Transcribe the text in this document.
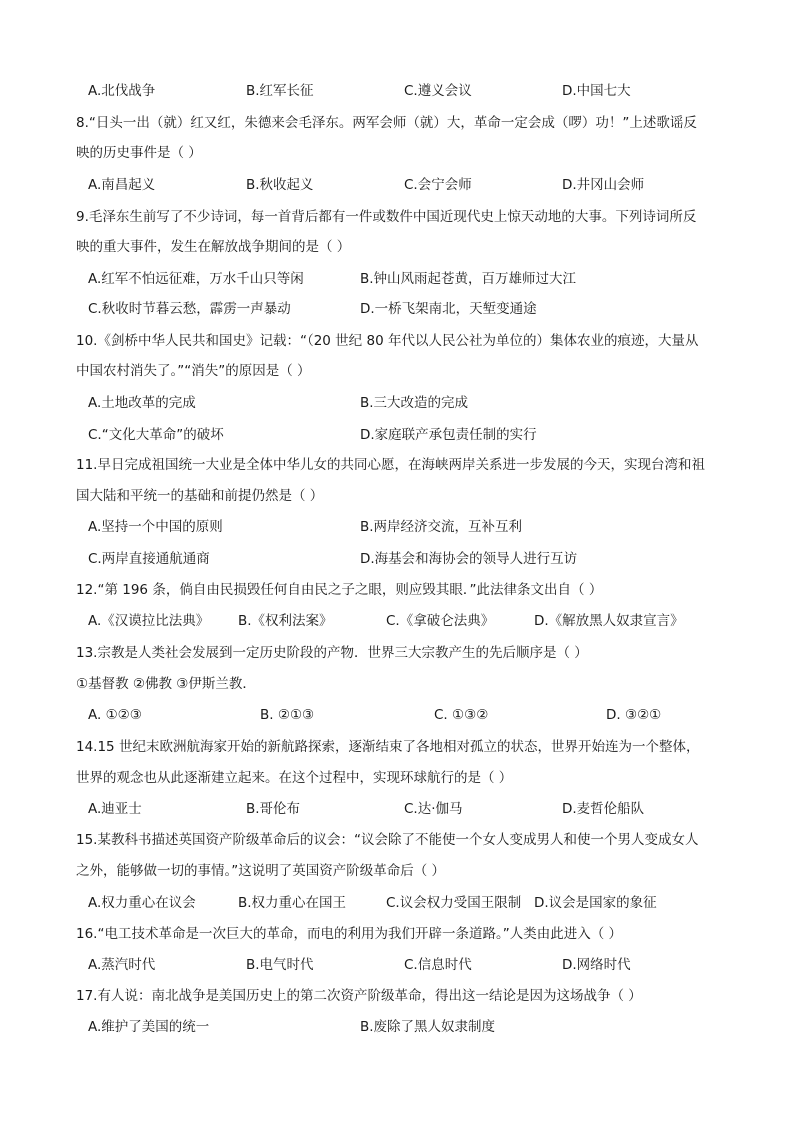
A.北伐战争	B.红军长征	C.遵义会议	D.中国七大
8.“日头一出（就）红又红，朱德来会毛泽东。两军会师（就）大，革命一定会成（啰）功！”上述歌谣反
映的历史事件是（ ）
A.南昌起义	B.秋收起义	C.会宁会师	D.井冈山会师
9.毛泽东生前写了不少诗词，每一首背后都有一件或数件中国近现代史上惊天动地的大事。下列诗词所反
映的重大事件，发生在解放战争期间的是（ ）
A.红军不怕远征难，万水千山只等闲	B.钟山风雨起苍黄，百万雄师过大江
C.秋收时节暮云愁，霹雳一声暴动	D.一桥飞架南北，天堑变通途
10.《剑桥中华人民共和国史》记载：“（20 世纪 80 年代以人民公社为单位的）集体农业的痕迹，大量从
中国农村消失了。”“消失”的原因是（ ）
A.土地改革的完成	B.三大改造的完成
C.“文化大革命”的破坏	D.家庭联产承包责任制的实行
11.早日完成祖国统一大业是全体中华儿女的共同心愿，在海峡两岸关系进一步发展的今天，实现台湾和祖
国大陆和平统一的基础和前提仍然是（ ）
A.坚持一个中国的原则	B.两岸经济交流，互补互利
C.两岸直接通航通商	D.海基会和海协会的领导人进行互访
12.“第 196 条，倘自由民损毁任何自由民之子之眼，则应毁其眼．”此法律条文出自（ ）
A.《汉谟拉比法典》 B.《权利法案》	C.《拿破仑法典》	D.《解放黑人奴隶宣言》
13.宗教是人类社会发展到一定历史阶段的产物．世界三大宗教产生的先后顺序是（ ）
①基督教 ②佛教 ③伊斯兰教．
A. ①②③	B. ②①③	C. ①③②	D. ③②①
14.15 世纪末欧洲航海家开始的新航路探索，逐渐结束了各地相对孤立的状态，世界开始连为一个整体，
世界的观念也从此逐渐建立起来。在这个过程中，实现环球航行的是（ ）
A.迪亚士	B.哥伦布	C.达·伽马	D.麦哲伦船队
15.某教科书描述英国资产阶级革命后的议会：“议会除了不能使一个女人变成男人和使一个男人变成女人
之外，能够做一切的事情。”这说明了英国资产阶级革命后（ ）
A.权力重心在议会	B.权力重心在国王	C.议会权力受国王限制 D.议会是国家的象征
16.“电工技术革命是一次巨大的革命，而电的利用为我们开辟一条道路。”人类由此进入（ ）
A.蒸汽时代	B.电气时代	C.信息时代	D.网络时代
17.有人说：南北战争是美国历史上的第二次资产阶级革命，得出这一结论是因为这场战争（ ）
A.维护了美国的统一	B.废除了黑人奴隶制度
